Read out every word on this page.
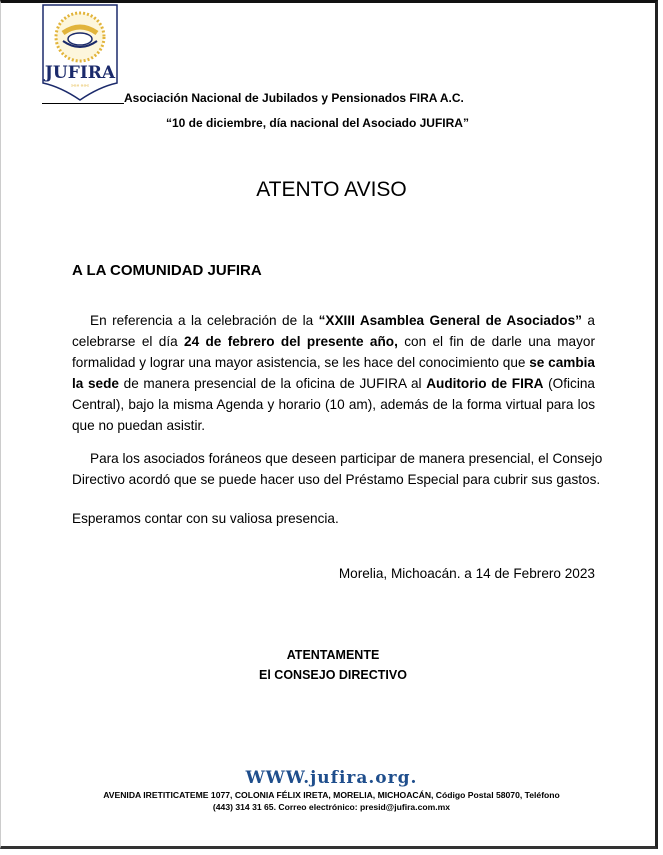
JUFIRA
»»» «««
Asociación Nacional de Jubilados y Pensionados FIRA A.C.
“10 de diciembre, día nacional del Asociado JUFIRA”
ATENTO AVISO
A LA COMUNIDAD JUFIRA
En referencia a la celebración de la “XXIII Asamblea General de Asociados” a
celebrarse el día 24 de febrero del presente año, con el fin de darle una mayor
formalidad y lograr una mayor asistencia, se les hace del conocimiento que se cambia
la sede de manera presencial de la oficina de JUFIRA al Auditorio de FIRA (Oficina
Central), bajo la misma Agenda y horario (10 am), además de la forma virtual para los
que no puedan asistir.
Para los asociados foráneos que deseen participar de manera presencial, el Consejo
Directivo acordó que se puede hacer uso del Préstamo Especial para cubrir sus gastos.
Esperamos contar con su valiosa presencia.
Morelia, Michoacán. a 14 de Febrero 2023
ATENTAMENTE
El CONSEJO DIRECTIVO
WWW.jufira.org.
AVENIDA IRETITICATEME 1077, COLONIA FÉLIX IRETA, MORELIA, MICHOACÁN, Código Postal 58070, Teléfono
(443) 314 31 65. Correo electrónico: presid@jufira.com.mx
